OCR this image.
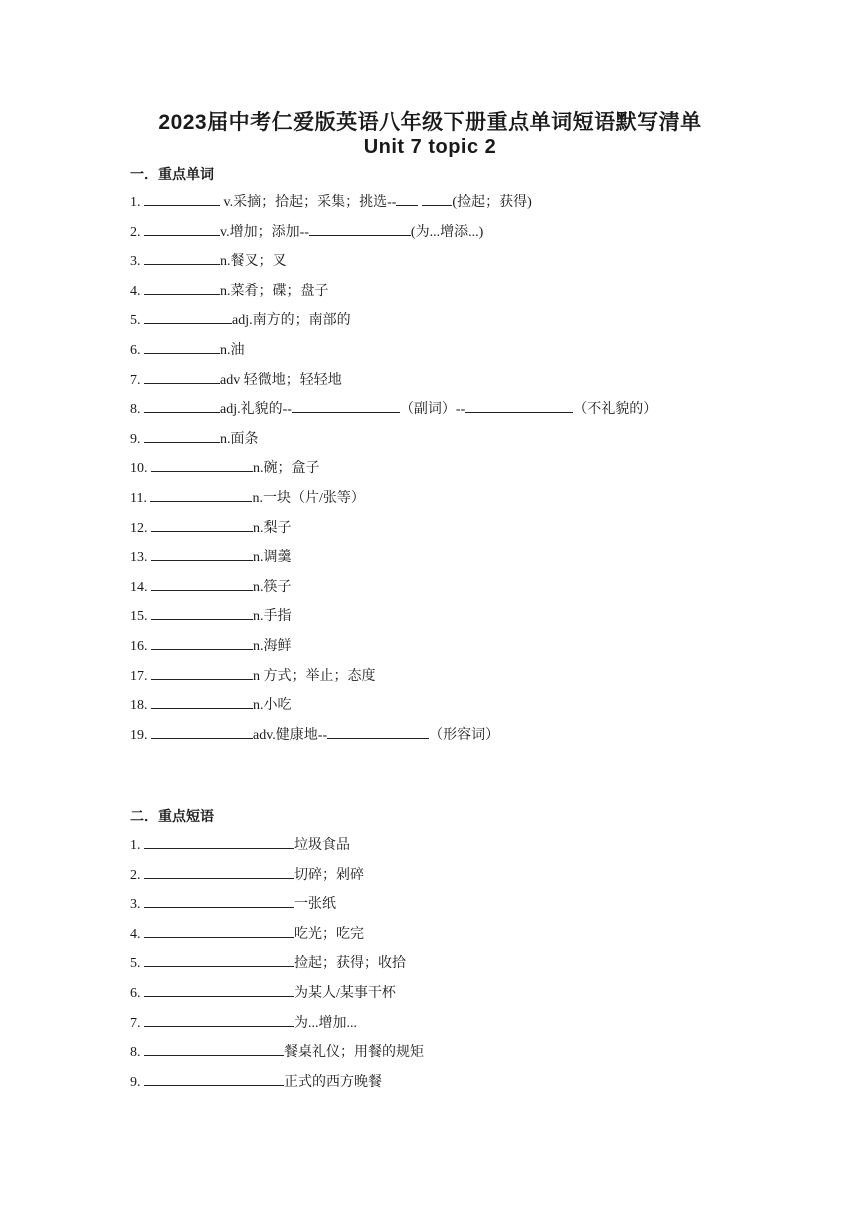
2023届中考仁爱版英语八年级下册重点单词短语默写清单
Unit 7 topic 2
一．重点单词
1.	v.采摘；拾起；采集；挑选--	(捡起；获得)
2.	v.增加；添加--	(为...增添...)
3.	n.餐叉；叉
4.	n.菜肴；碟；盘子
5.	adj.南方的；南部的
6.	n.油
7.	adv 轻微地；轻轻地
8.	adj.礼貌的--	（副词）--	（不礼貌的）
9.	n.面条
10.	n.碗；盒子
11.	n.一块（片/张等）
12.	n.梨子
13.	n.调羹
14.	n.筷子
15.	n.手指
16.	n.海鲜
17.	n 方式；举止；态度
18.	n.小吃
19.	adv.健康地--	（形容词）
二．重点短语
1.	垃圾食品
2.	切碎；剁碎
3.	一张纸
4.	吃光；吃完
5.	捡起；获得；收拾
6.	为某人/某事干杯
7.	为...增加...
8.	餐桌礼仪；用餐的规矩
9.	正式的西方晚餐
